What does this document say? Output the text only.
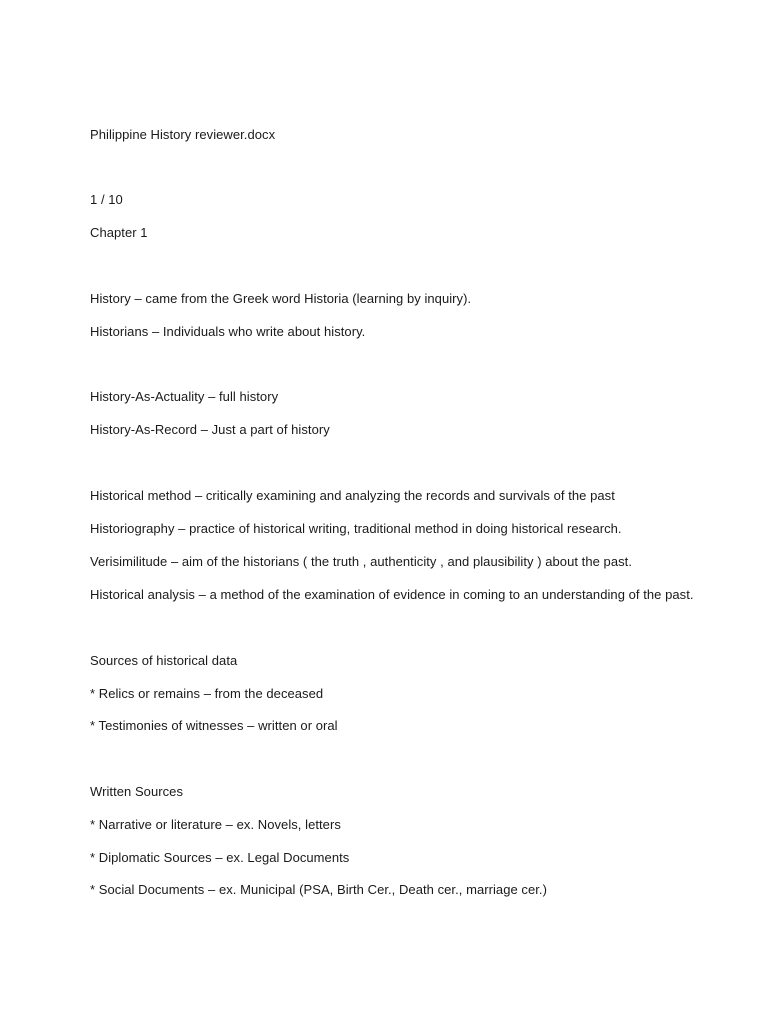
Philippine History reviewer.docx
1 / 10
Chapter 1
History – came from the Greek word Historia (learning by inquiry).
Historians – Individuals who write about history.
History-As-Actuality – full history
History-As-Record – Just a part of history
Historical method – critically examining and analyzing the records and survivals of the past
Historiography – practice of historical writing, traditional method in doing historical research.
Verisimilitude – aim of the historians ( the truth , authenticity , and plausibility ) about the past.
Historical analysis – a method of the examination of evidence in coming to an understanding of the past.
Sources of historical data
* Relics or remains – from the deceased
* Testimonies of witnesses – written or oral
Written Sources
* Narrative or literature – ex. Novels, letters
* Diplomatic Sources – ex. Legal Documents
* Social Documents – ex. Municipal (PSA, Birth Cer., Death cer., marriage cer.)
